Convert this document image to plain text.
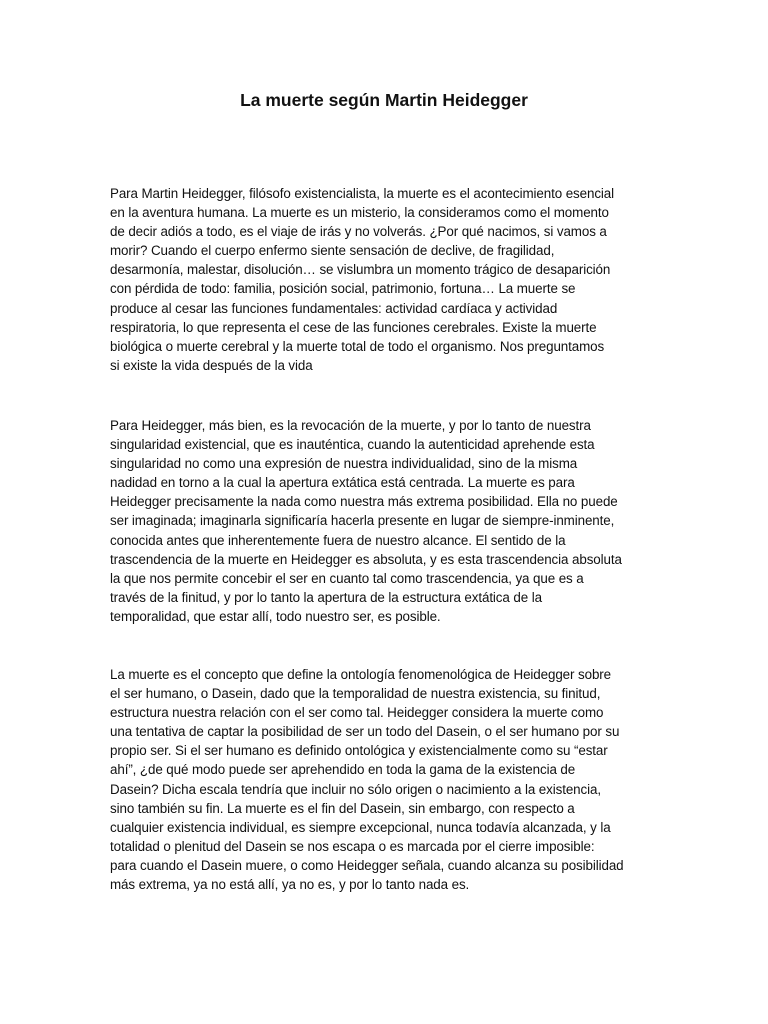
La muerte según Martin Heidegger
Para Martin Heidegger, filósofo existencialista, la muerte es el acontecimiento esencial
en la aventura humana. La muerte es un misterio, la consideramos como el momento
de decir adiós a todo, es el viaje de irás y no volverás. ¿Por qué nacimos, si vamos a
morir? Cuando el cuerpo enfermo siente sensación de declive, de fragilidad,
desarmonía, malestar, disolución… se vislumbra un momento trágico de desaparición
con pérdida de todo: familia, posición social, patrimonio, fortuna… La muerte se
produce al cesar las funciones fundamentales: actividad cardíaca y actividad
respiratoria, lo que representa el cese de las funciones cerebrales. Existe la muerte
biológica o muerte cerebral y la muerte total de todo el organismo. Nos preguntamos
si existe la vida después de la vida
Para Heidegger, más bien, es la revocación de la muerte, y por lo tanto de nuestra
singularidad existencial, que es inauténtica, cuando la autenticidad aprehende esta
singularidad no como una expresión de nuestra individualidad, sino de la misma
nadidad en torno a la cual la apertura extática está centrada. La muerte es para
Heidegger precisamente la nada como nuestra más extrema posibilidad. Ella no puede
ser imaginada; imaginarla significaría hacerla presente en lugar de siempre-inminente,
conocida antes que inherentemente fuera de nuestro alcance. El sentido de la
trascendencia de la muerte en Heidegger es absoluta, y es esta trascendencia absoluta
la que nos permite concebir el ser en cuanto tal como trascendencia, ya que es a
través de la finitud, y por lo tanto la apertura de la estructura extática de la
temporalidad, que estar allí, todo nuestro ser, es posible.
La muerte es el concepto que define la ontología fenomenológica de Heidegger sobre
el ser humano, o Dasein, dado que la temporalidad de nuestra existencia, su finitud,
estructura nuestra relación con el ser como tal. Heidegger considera la muerte como
una tentativa de captar la posibilidad de ser un todo del Dasein, o el ser humano por su
propio ser. Si el ser humano es definido ontológica y existencialmente como su “estar
ahí”, ¿de qué modo puede ser aprehendido en toda la gama de la existencia de
Dasein? Dicha escala tendría que incluir no sólo origen o nacimiento a la existencia,
sino también su fin. La muerte es el fin del Dasein, sin embargo, con respecto a
cualquier existencia individual, es siempre excepcional, nunca todavía alcanzada, y la
totalidad o plenitud del Dasein se nos escapa o es marcada por el cierre imposible:
para cuando el Dasein muere, o como Heidegger señala, cuando alcanza su posibilidad
más extrema, ya no está allí, ya no es, y por lo tanto nada es.
